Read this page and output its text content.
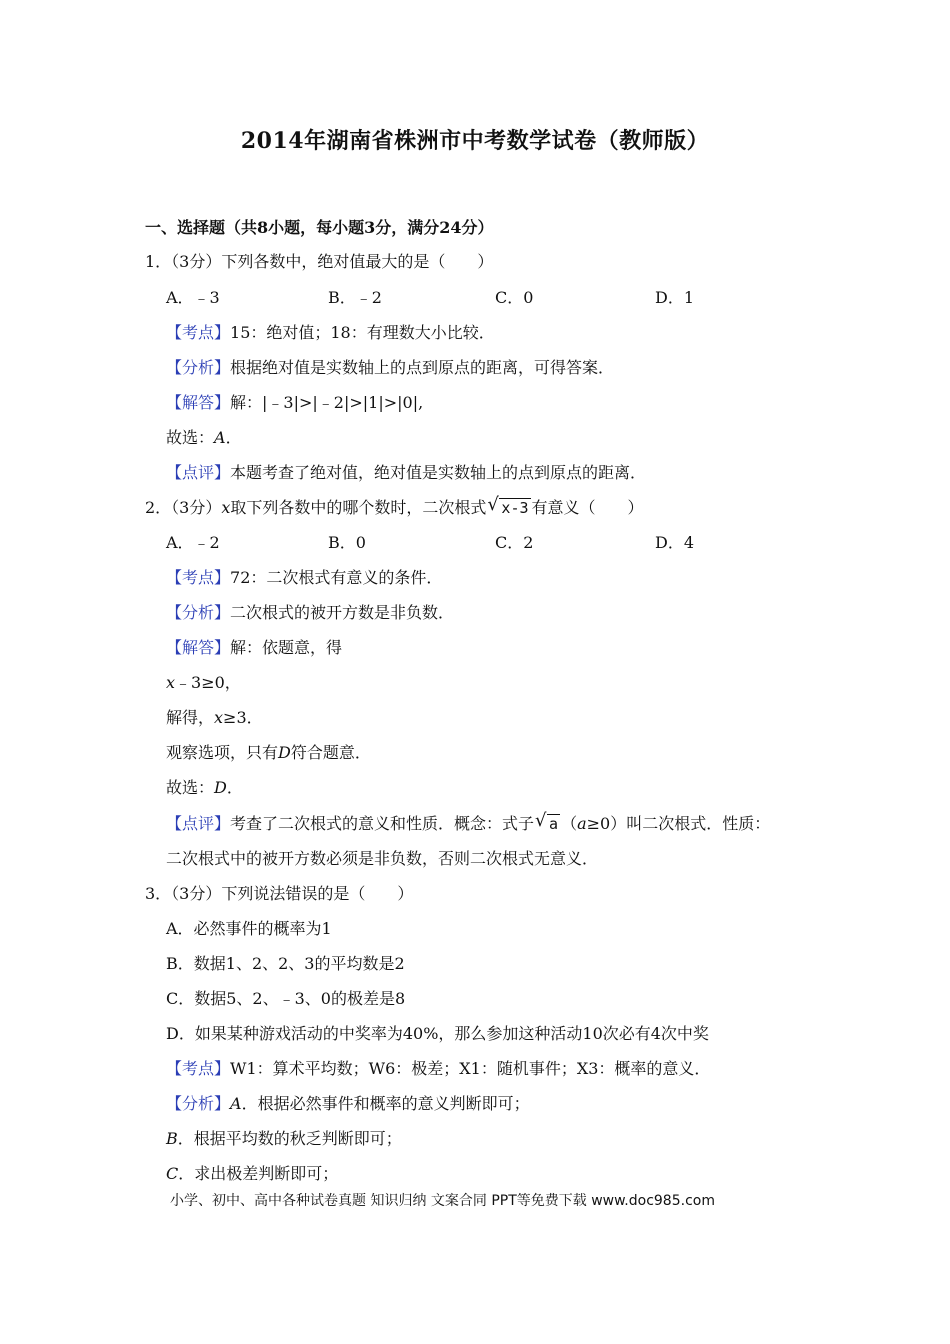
2014年湖南省株洲市中考数学试卷（教师版）
一、选择题（共8小题，每小题3分，满分24分）
1．（3分）下列各数中，绝对值最大的是（　　）
A．﹣3	B．﹣2	C．0	D．1
【考点】15：绝对值；18：有理数大小比较．
【分析】根据绝对值是实数轴上的点到原点的距离，可得答案．
【解答】解：|﹣3|>|﹣2|>|1|>|0|,
故选：A．
【点评】本题考查了绝对值，绝对值是实数轴上的点到原点的距离．
2．（3分）x取下列各数中的哪个数时，二次根式 √ x-3 有意义（　　）
A．﹣2	B．0	C．2	D．4
【考点】72：二次根式有意义的条件．
【分析】二次根式的被开方数是非负数．
【解答】解：依题意，得
x﹣3≥0，
解得，x≥3．
观察选项，只有D符合题意．
故选：D．
【点评】考查了二次根式的意义和性质．概念：式子 √ a （a≥0）叫二次根式．性质：
二次根式中的被开方数必须是非负数，否则二次根式无意义．
3．（3分）下列说法错误的是（　　）
A．必然事件的概率为1
B．数据1、2、2、3的平均数是2
C．数据5、2、﹣3、0的极差是8
D．如果某种游戏活动的中奖率为40%，那么参加这种活动10次必有4次中奖
【考点】W1：算术平均数；W6：极差；X1：随机事件；X3：概率的意义．
【分析】A．根据必然事件和概率的意义判断即可；
B．根据平均数的秋乏判断即可；
C．求出极差判断即可；
小学、初中、高中各种试卷真题 知识归纳 文案合同 PPT等免费下载 www.doc985.com
